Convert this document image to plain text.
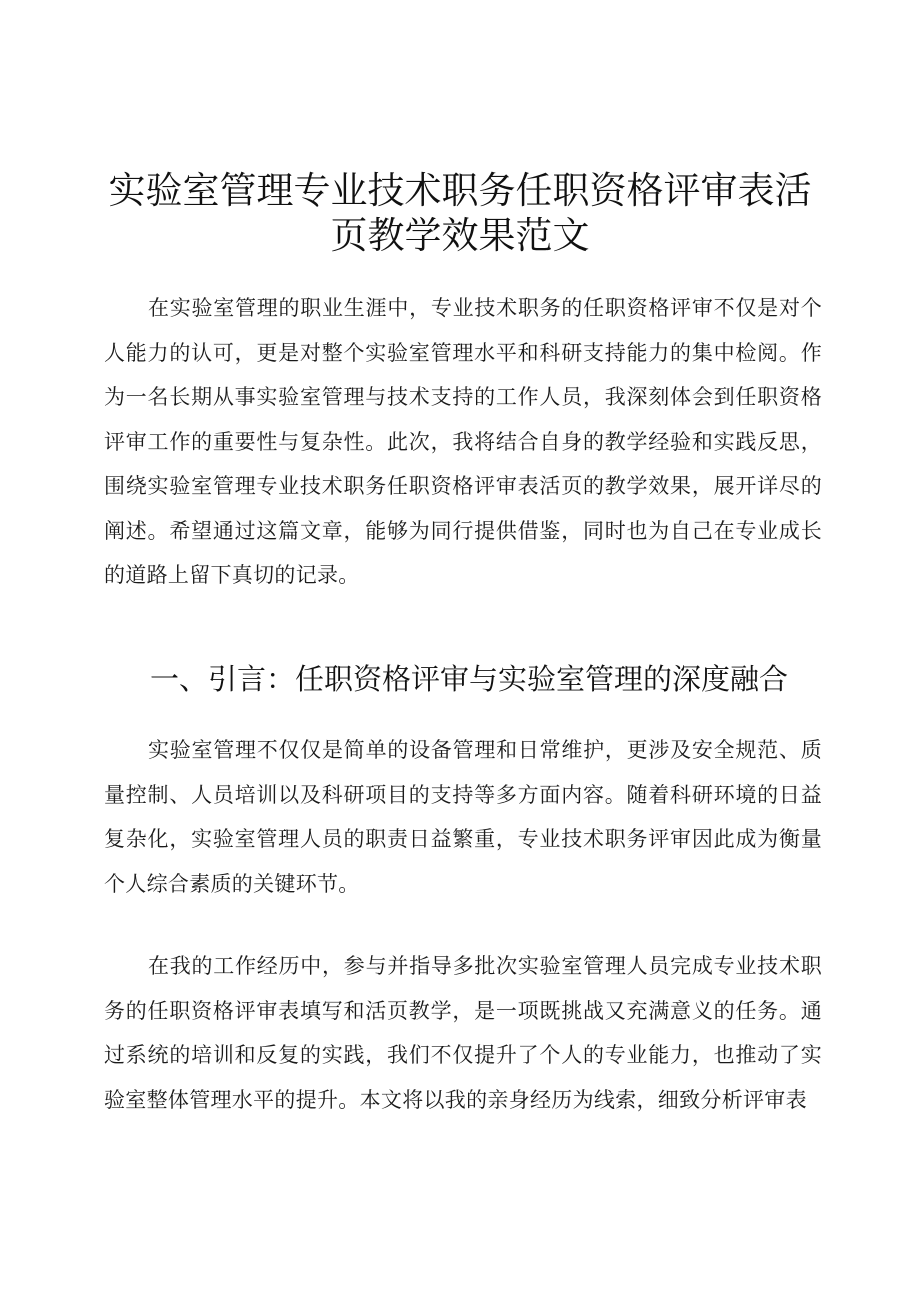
实验室管理专业技术职务任职资格评审表活
页教学效果范文

在实验室管理的职业生涯中，专业技术职务的任职资格评审不仅是对个人能力的认可，更是对整个实验室管理水平和科研支持能力的集中检阅。作为一名长期从事实验室管理与技术支持的工作人员，我深刻体会到任职资格评审工作的重要性与复杂性。此次，我将结合自身的教学经验和实践反思，围绕实验室管理专业技术职务任职资格评审表活页的教学效果，展开详尽的阐述。希望通过这篇文章，能够为同行提供借鉴，同时也为自己在专业成长的道路上留下真切的记录。

一、引言：任职资格评审与实验室管理的深度融合

实验室管理不仅仅是简单的设备管理和日常维护，更涉及安全规范、质量控制、人员培训以及科研项目的支持等多方面内容。随着科研环境的日益复杂化，实验室管理人员的职责日益繁重，专业技术职务评审因此成为衡量个人综合素质的关键环节。

在我的工作经历中，参与并指导多批次实验室管理人员完成专业技术职务的任职资格评审表填写和活页教学，是一项既挑战又充满意义的任务。通过系统的培训和反复的实践，我们不仅提升了个人的专业能力，也推动了实验室整体管理水平的提升。本文将以我的亲身经历为线索，细致分析评审表
